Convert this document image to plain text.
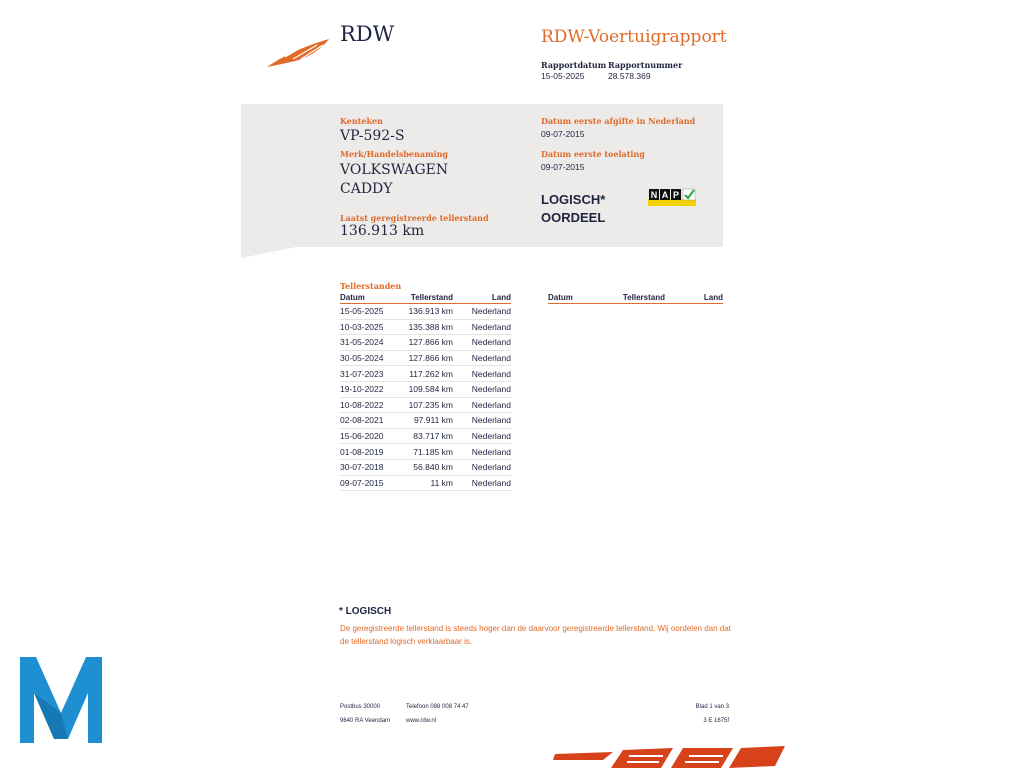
RDW	RDW-Voertuigrapport
Rapportdatum
15-05-2025
Rapportnummer
28.578.369
Kenteken
VP-592-S
Merk/Handelsbenaming
VOLKSWAGEN
CADDY
Laatst geregistreerde tellerstand
136.913 km
Datum eerste afgifte in Nederland
09-07-2015
Datum eerste toelating
09-07-2015
LOGISCH*
OORDEEL
N A P
Tellerstanden
Datum	Tellerstand	Land
15-05-2025	136.913 km	Nederland
10-03-2025	135.388 km	Nederland
31-05-2024	127.866 km	Nederland
30-05-2024	127.866 km	Nederland
31-07-2023	117.262 km	Nederland
19-10-2022	109.584 km	Nederland
10-08-2022	107.235 km	Nederland
02-08-2021	97.911 km	Nederland
15-06-2020	83.717 km	Nederland
01-08-2019	71.185 km	Nederland
30-07-2018	56.840 km	Nederland
09-07-2015	11 km	Nederland
Datum	Tellerstand	Land
* LOGISCH
De geregistreerde tellerstand is steeds hoger dan de daarvoor geregistreerde tellerstand. Wij oordelen dan dat de tellerstand logisch verklaarbaar is.
Postbus 30000
9640 RA Veendam
Telefoon 088 008 74 47
www.rdw.nl
Blad 1 van 3
3 E 1675f
